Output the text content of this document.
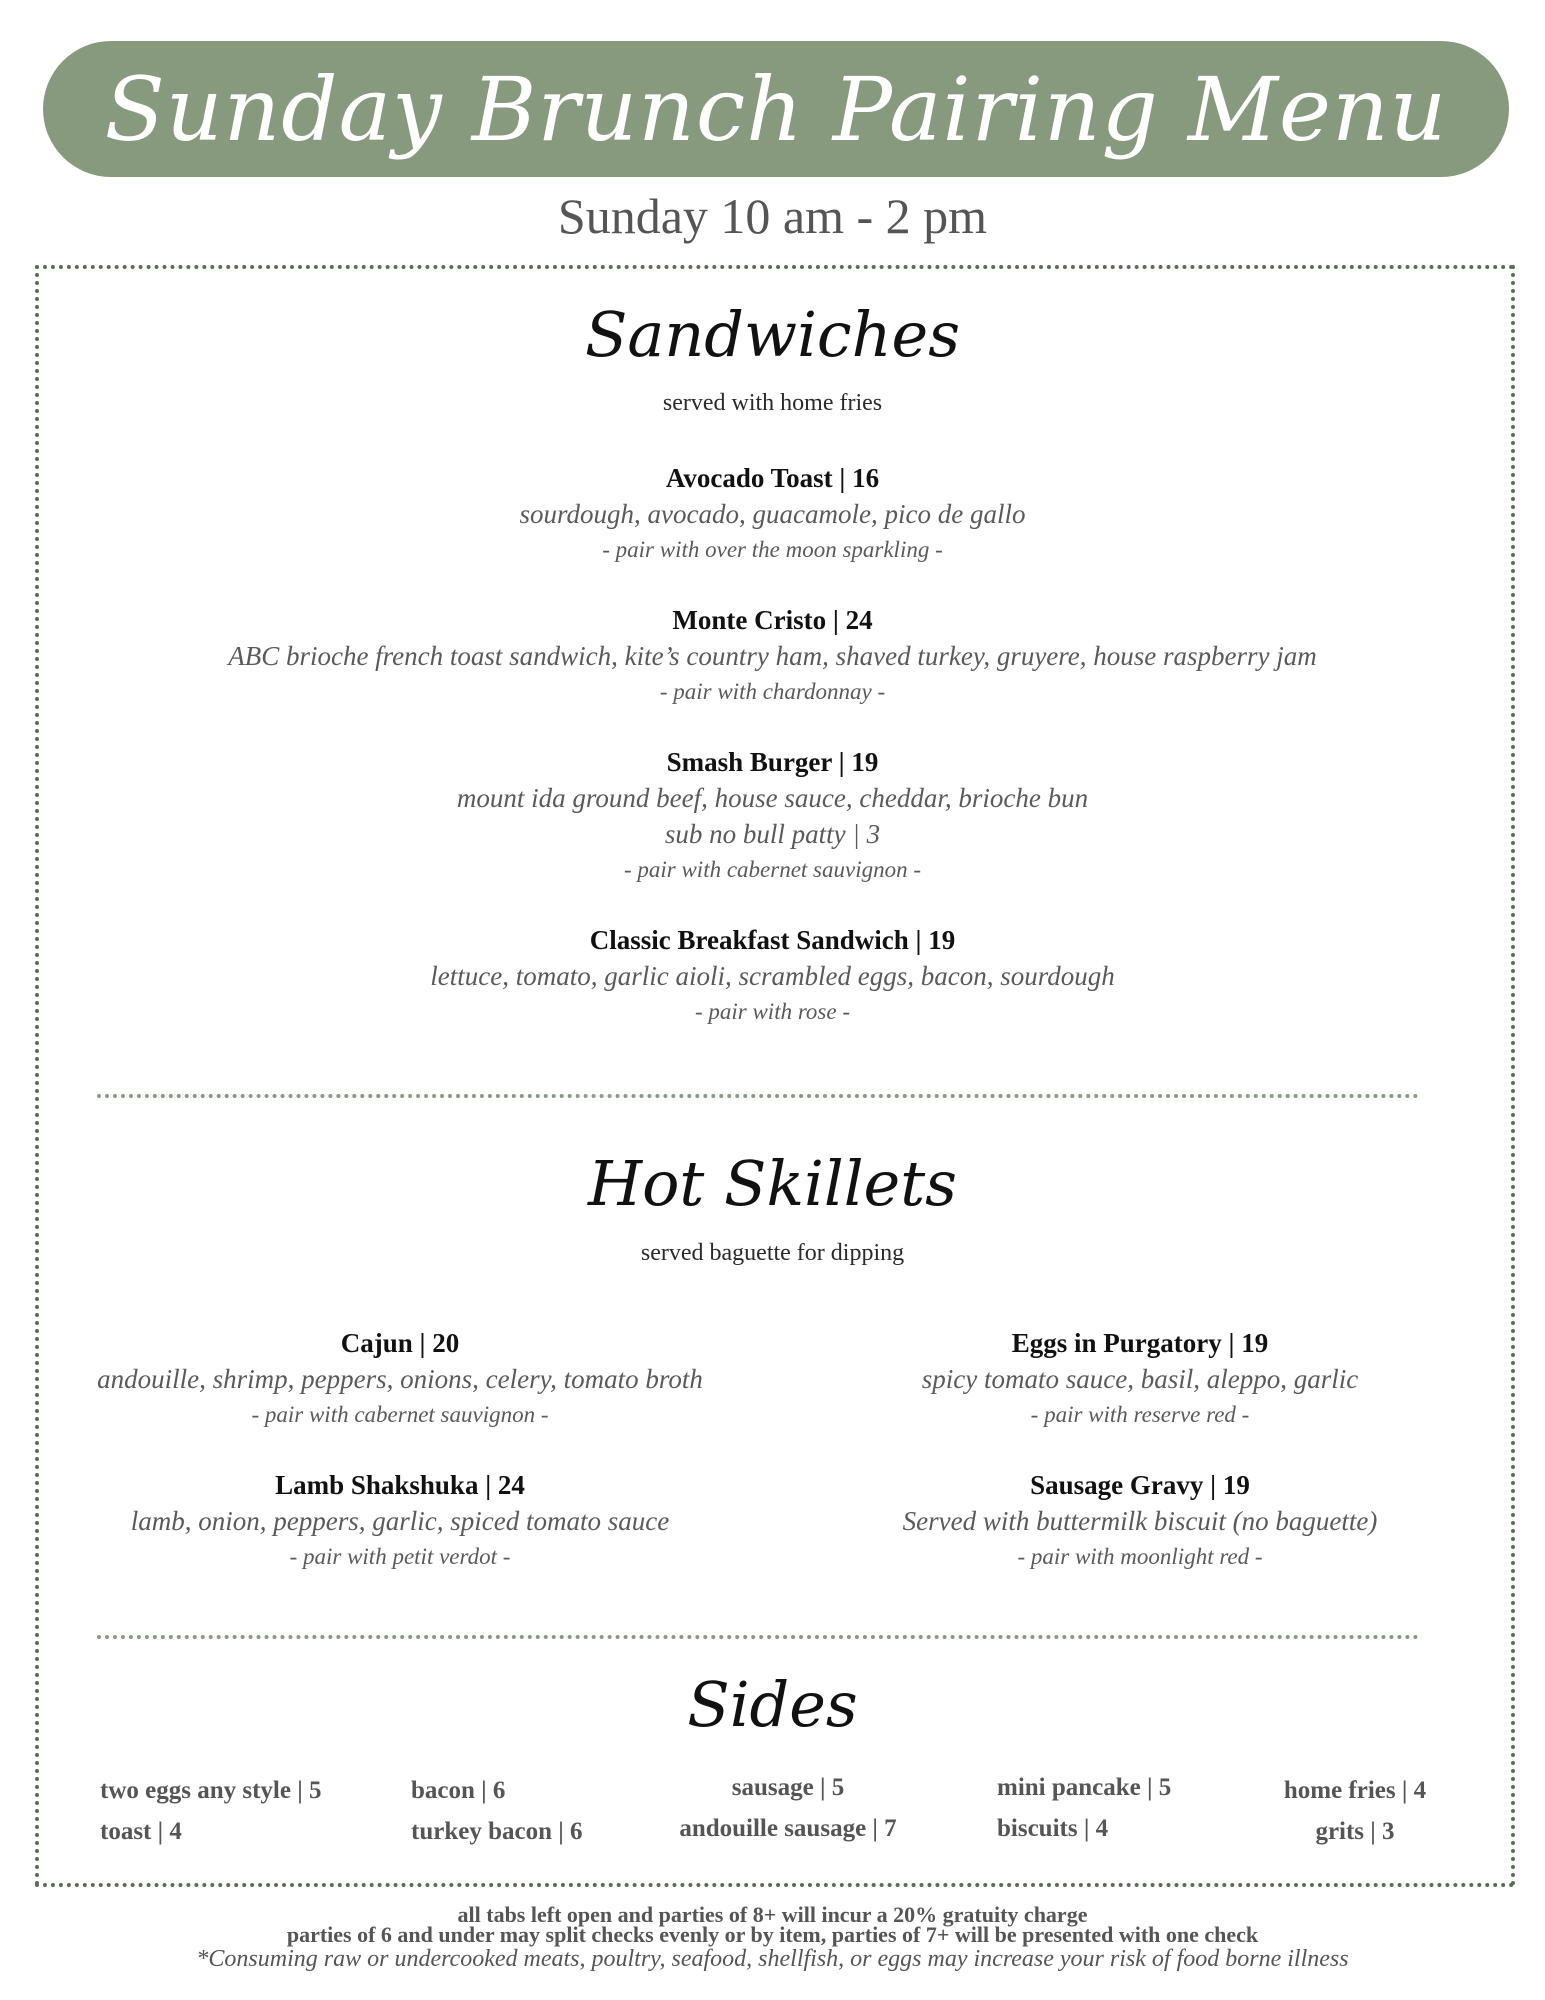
Sunday Brunch Pairing Menu
Sunday 10 am - 2 pm
Sandwiches
served with home fries
Avocado Toast | 16
sourdough, avocado, guacamole, pico de gallo
- pair with over the moon sparkling -
Monte Cristo | 24
ABC brioche french toast sandwich, kite’s country ham, shaved turkey, gruyere, house raspberry jam
- pair with chardonnay -
Smash Burger | 19
mount ida ground beef, house sauce, cheddar, brioche bun
sub no bull patty | 3
- pair with cabernet sauvignon -
Classic Breakfast Sandwich | 19
lettuce, tomato, garlic aioli, scrambled eggs, bacon, sourdough
- pair with rose -
Hot Skillets
served baguette for dipping
Cajun | 20
andouille, shrimp, peppers, onions, celery, tomato broth
- pair with cabernet sauvignon -
Eggs in Purgatory | 19
spicy tomato sauce, basil, aleppo, garlic
- pair with reserve red -
Lamb Shakshuka | 24
lamb, onion, peppers, garlic, spiced tomato sauce
- pair with petit verdot -
Sausage Gravy | 19
Served with buttermilk biscuit (no baguette)
- pair with moonlight red -
Sides
two eggs any style | 5
toast | 4
bacon | 6
turkey bacon | 6
sausage | 5
andouille sausage | 7
mini pancake | 5
biscuits | 4
home fries | 4
grits | 3
all tabs left open and parties of 8+ will incur a 20% gratuity charge
parties of 6 and under may split checks evenly or by item, parties of 7+ will be presented with one check
*Consuming raw or undercooked meats, poultry, seafood, shellfish, or eggs may increase your risk of food borne illness
